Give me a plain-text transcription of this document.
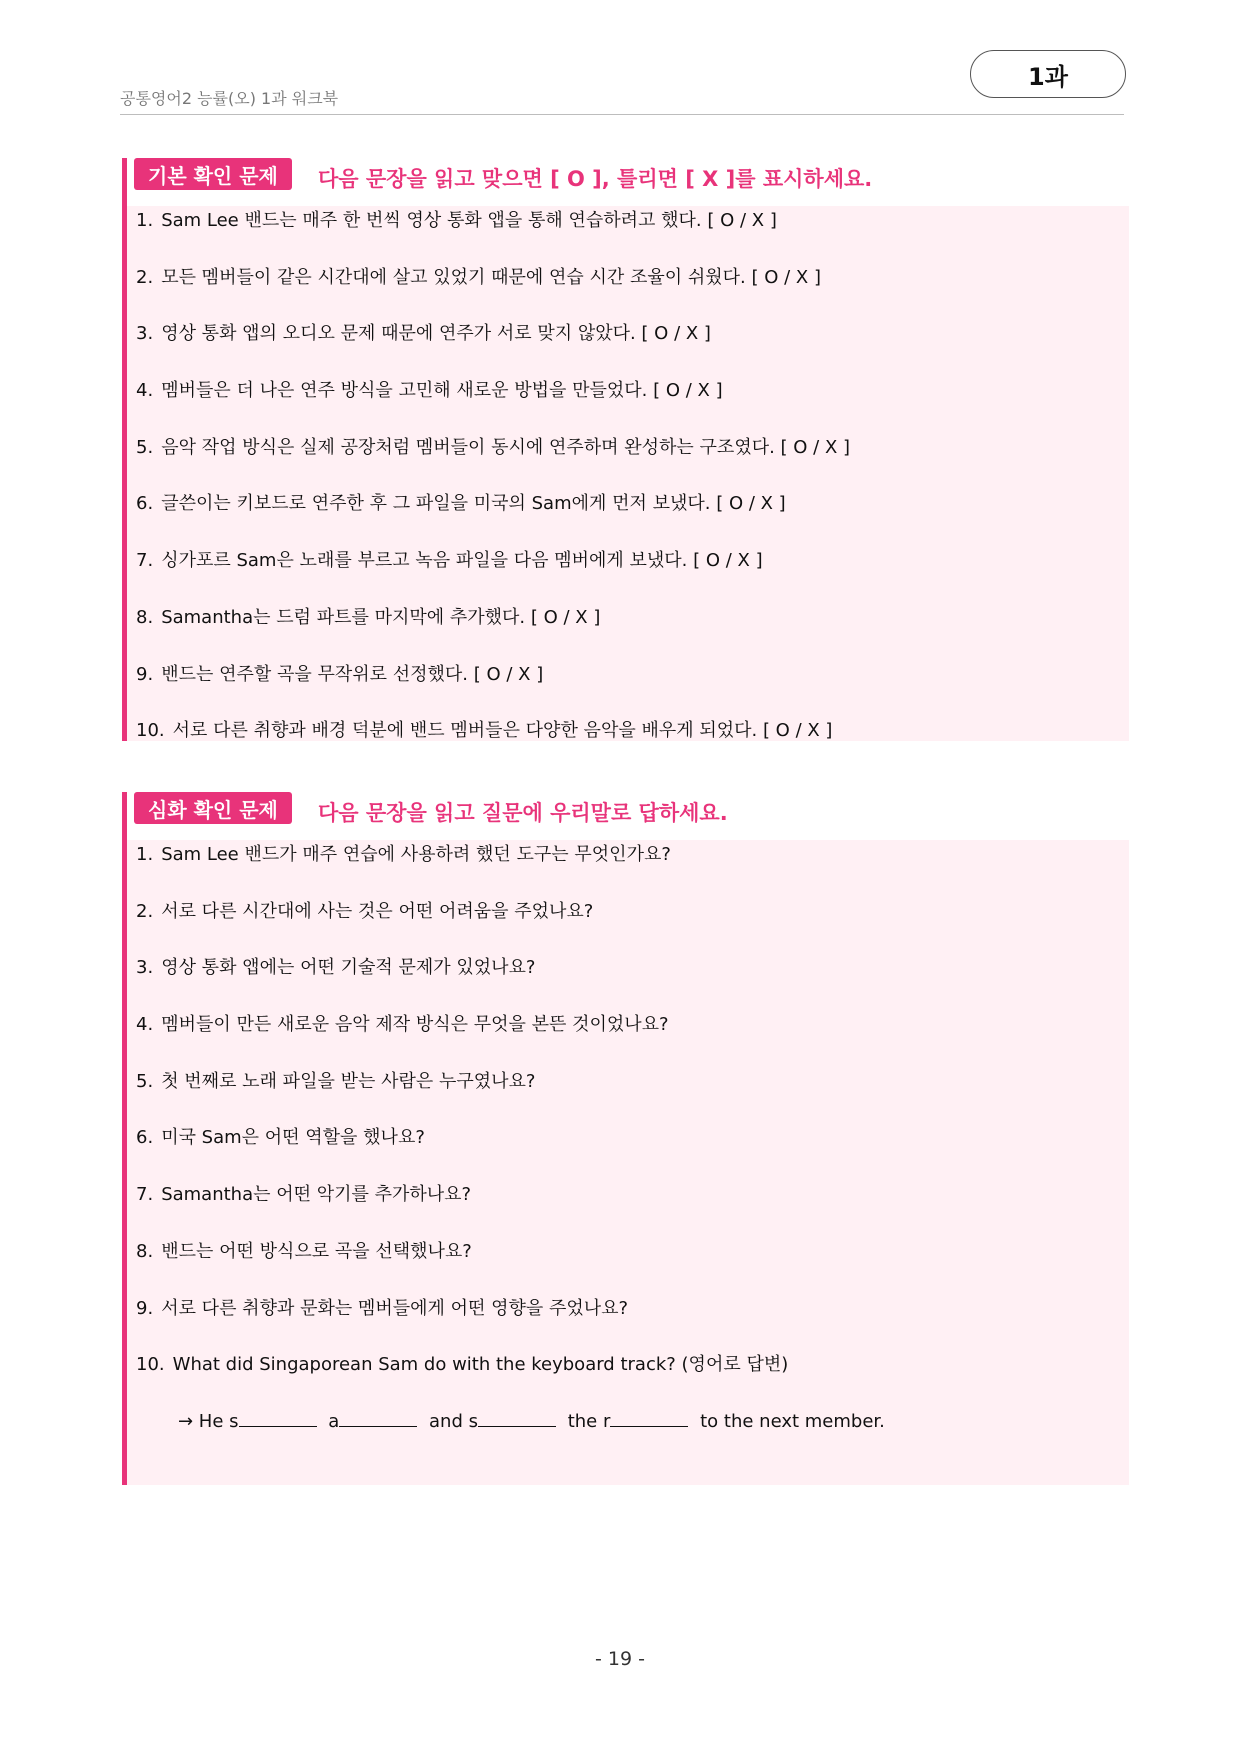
공통영어2 능률(오) 1과 워크북
1과
기본 확인 문제	다음 문장을 읽고 맞으면 [ O ], 틀리면 [ X ]를 표시하세요.
1. Sam Lee 밴드는 매주 한 번씩 영상 통화 앱을 통해 연습하려고 했다. [ O / X ]
2. 모든 멤버들이 같은 시간대에 살고 있었기 때문에 연습 시간 조율이 쉬웠다. [ O / X ]
3. 영상 통화 앱의 오디오 문제 때문에 연주가 서로 맞지 않았다. [ O / X ]
4. 멤버들은 더 나은 연주 방식을 고민해 새로운 방법을 만들었다. [ O / X ]
5. 음악 작업 방식은 실제 공장처럼 멤버들이 동시에 연주하며 완성하는 구조였다. [ O / X ]
6. 글쓴이는 키보드로 연주한 후 그 파일을 미국의 Sam에게 먼저 보냈다. [ O / X ]
7. 싱가포르 Sam은 노래를 부르고 녹음 파일을 다음 멤버에게 보냈다. [ O / X ]
8. Samantha는 드럼 파트를 마지막에 추가했다. [ O / X ]
9. 밴드는 연주할 곡을 무작위로 선정했다. [ O / X ]
10. 서로 다른 취향과 배경 덕분에 밴드 멤버들은 다양한 음악을 배우게 되었다. [ O / X ]
심화 확인 문제	다음 문장을 읽고 질문에 우리말로 답하세요.
1. Sam Lee 밴드가 매주 연습에 사용하려 했던 도구는 무엇인가요?
2. 서로 다른 시간대에 사는 것은 어떤 어려움을 주었나요?
3. 영상 통화 앱에는 어떤 기술적 문제가 있었나요?
4. 멤버들이 만든 새로운 음악 제작 방식은 무엇을 본뜬 것이었나요?
5. 첫 번째로 노래 파일을 받는 사람은 누구였나요?
6. 미국 Sam은 어떤 역할을 했나요?
7. Samantha는 어떤 악기를 추가하나요?
8. 밴드는 어떤 방식으로 곡을 선택했나요?
9. 서로 다른 취향과 문화는 멤버들에게 어떤 영향을 주었나요?
10. What did Singaporean Sam do with the keyboard track? (영어로 답변)
→ He s	a	and s	the r	to the next member.
- 19 -
